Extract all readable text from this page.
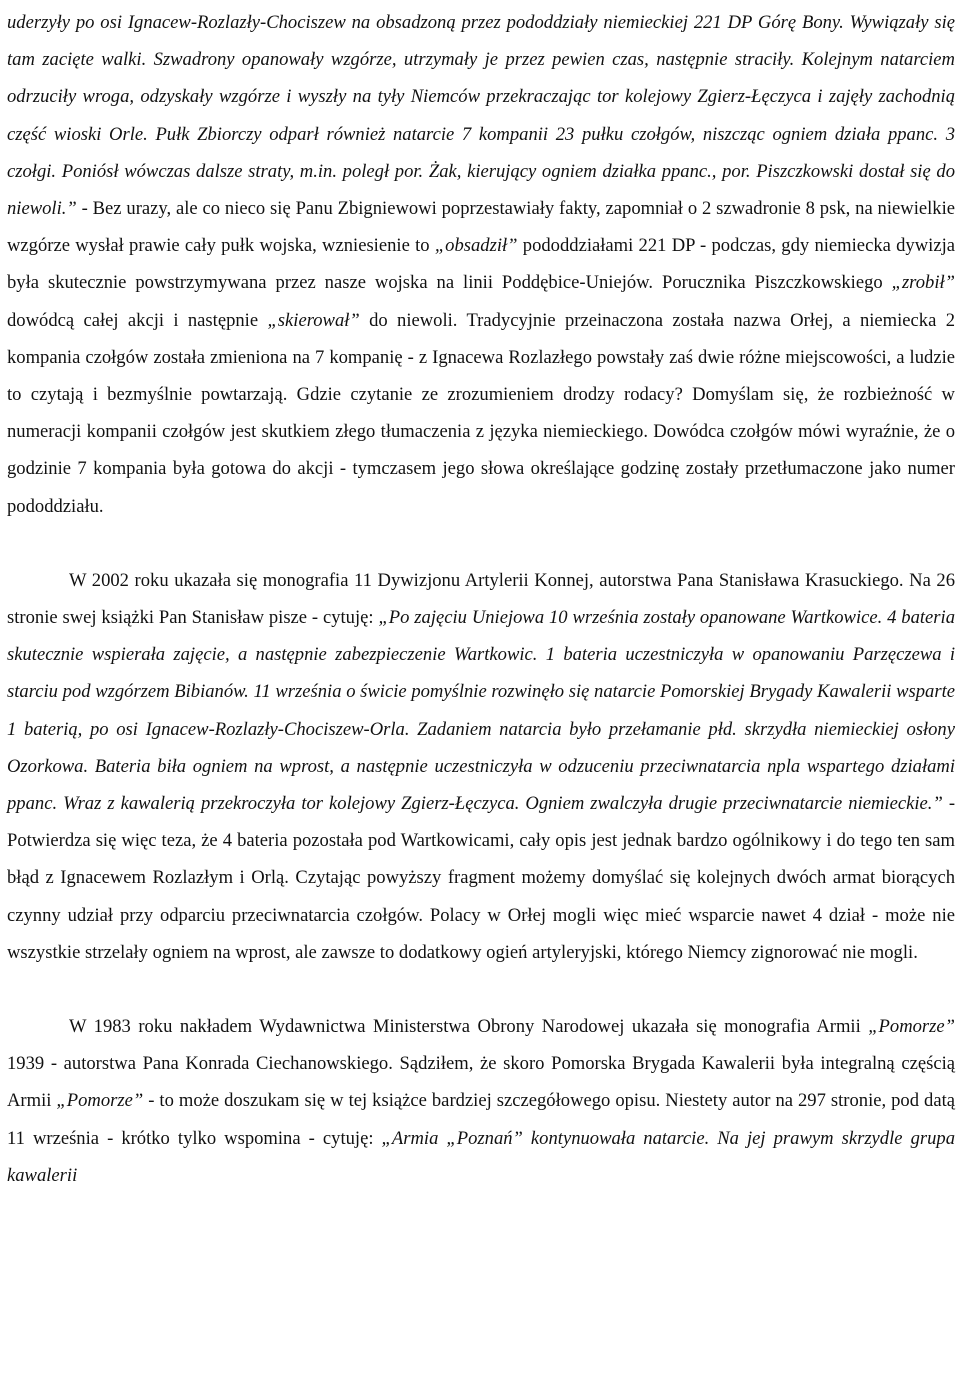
uderzyły po osi Ignacew-Rozlazły-Chociszew na obsadzoną przez pododdziały niemieckiej 221 DP Górę Bony. Wywiązały się tam zacięte walki. Szwadrony opanowały wzgórze, utrzymały je przez pewien czas, następnie straciły. Kolejnym natarciem odrzuciły wroga, odzyskały wzgórze i wyszły na tyły Niemców przekraczając tor kolejowy Zgierz-Łęczyca i zajęły zachodnią część wioski Orle. Pułk Zbiorczy odparł również natarcie 7 kompanii 23 pułku czołgów, niszcząc ogniem działa ppanc. 3 czołgi. Poniósł wówczas dalsze straty, m.in. poległ por. Żak, kierujący ogniem działka ppanc., por. Piszczkowski dostał się do niewoli.” - Bez urazy, ale co nieco się Panu Zbigniewowi poprzestawiały fakty, zapomniał o 2 szwadronie 8 psk, na niewielkie wzgórze wysłał prawie cały pułk wojska, wzniesienie to „obsadził” pododdziałami 221 DP - podczas, gdy niemiecka dywizja była skutecznie powstrzymywana przez nasze wojska na linii Poddębice-Uniejów. Porucznika Piszczkowskiego „zrobił” dowódcą całej akcji i następnie „skierował” do niewoli. Tradycyjnie przeinaczona została nazwa Orłej, a niemiecka 2 kompania czołgów została zmieniona na 7 kompanię - z Ignacewa Rozlazłego powstały zaś dwie różne miejscowości, a ludzie to czytają i bezmyślnie powtarzają. Gdzie czytanie ze zrozumieniem drodzy rodacy? Domyślam się, że rozbieżność w numeracji kompanii czołgów jest skutkiem złego tłumaczenia z języka niemieckiego. Dowódca czołgów mówi wyraźnie, że o godzinie 7 kompania była gotowa do akcji - tymczasem jego słowa określające godzinę zostały przetłumaczone jako numer pododdziału.

W 2002 roku ukazała się monografia 11 Dywizjonu Artylerii Konnej, autorstwa Pana Stanisława Krasuckiego. Na 26 stronie swej książki Pan Stanisław pisze - cytuję: „Po zajęciu Uniejowa 10 września zostały opanowane Wartkowice. 4 bateria skutecznie wspierała zajęcie, a następnie zabezpieczenie Wartkowic. 1 bateria uczestniczyła w opanowaniu Parzęczewa i starciu pod wzgórzem Bibianów. 11 września o świcie pomyślnie rozwinęło się natarcie Pomorskiej Brygady Kawalerii wsparte 1 baterią, po osi Ignacew-Rozlazły-Chociszew-Orla. Zadaniem natarcia było przełamanie płd. skrzydła niemieckiej osłony Ozorkowa. Bateria biła ogniem na wprost, a następnie uczestniczyła w odzuceniu przeciwnatarcia npla wspartego działami ppanc. Wraz z kawalerią przekroczyła tor kolejowy Zgierz-Łęczyca. Ogniem zwalczyła drugie przeciwnatarcie niemieckie.” - Potwierdza się więc teza, że 4 bateria pozostała pod Wartkowicami, cały opis jest jednak bardzo ogólnikowy i do tego ten sam błąd z Ignacewem Rozlazłym i Orlą. Czytając powyższy fragment możemy domyślać się kolejnych dwóch armat biorących czynny udział przy odparciu przeciwnatarcia czołgów. Polacy w Orłej mogli więc mieć wsparcie nawet 4 dział - może nie wszystkie strzelały ogniem na wprost, ale zawsze to dodatkowy ogień artyleryjski, którego Niemcy zignorować nie mogli.

W 1983 roku nakładem Wydawnictwa Ministerstwa Obrony Narodowej ukazała się monografia Armii „Pomorze” 1939 - autorstwa Pana Konrada Ciechanowskiego. Sądziłem, że skoro Pomorska Brygada Kawalerii była integralną częścią Armii „Pomorze” - to może doszukam się w tej książce bardziej szczegółowego opisu. Niestety autor na 297 stronie, pod datą 11 września - krótko tylko wspomina - cytuję: „Armia „Poznań” kontynuowała natarcie. Na jej prawym skrzydle grupa kawalerii
